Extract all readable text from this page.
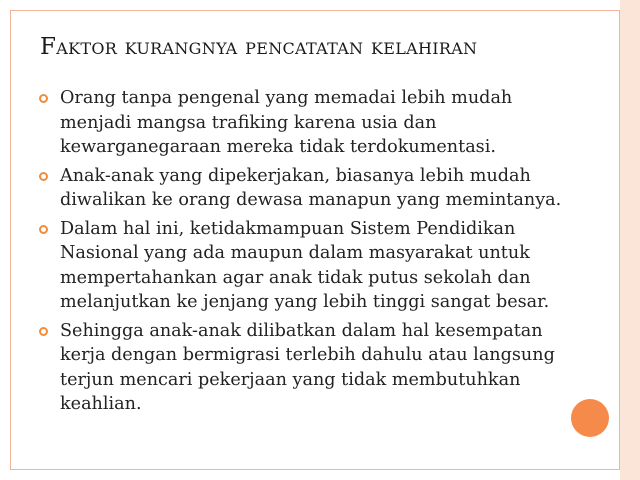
Faktor kurangnya pencatatan kelahiran
Orang tanpa pengenal yang memadai lebih mudah menjadi mangsa trafiking karena usia dan kewarganegaraan mereka tidak terdokumentasi.
Anak-anak yang dipekerjakan, biasanya lebih mudah diwalikan ke orang dewasa manapun yang memintanya.
Dalam hal ini, ketidakmampuan Sistem Pendidikan Nasional yang ada maupun dalam masyarakat untuk mempertahankan agar anak tidak putus sekolah dan melanjutkan ke jenjang yang lebih tinggi sangat besar.
Sehingga anak-anak dilibatkan dalam hal kesempatan kerja dengan bermigrasi terlebih dahulu atau langsung terjun mencari pekerjaan yang tidak membutuhkan keahlian.
